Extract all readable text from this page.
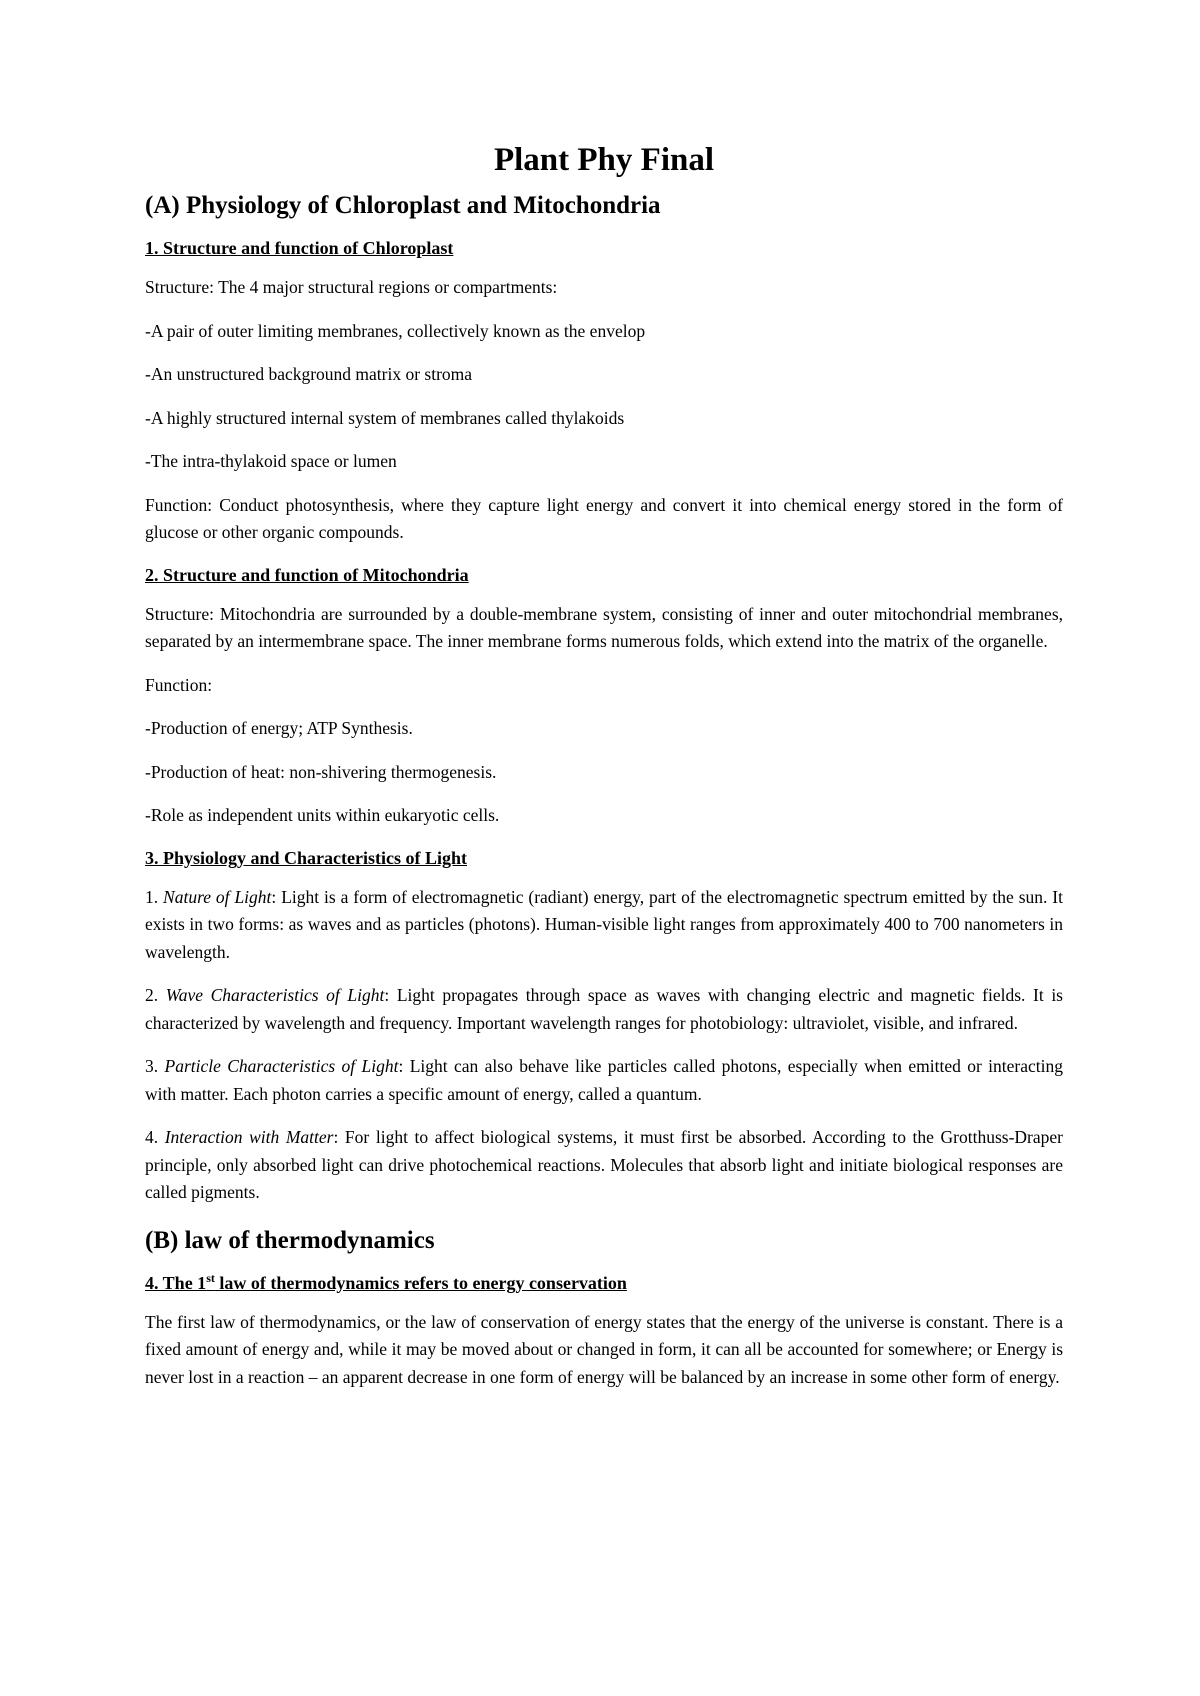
Plant Phy Final
(A) Physiology of Chloroplast and Mitochondria
1. Structure and function of Chloroplast

Structure: The 4 major structural regions or compartments:

-A pair of outer limiting membranes, collectively known as the envelop

-An unstructured background matrix or stroma

-A highly structured internal system of membranes called thylakoids

-The intra-thylakoid space or lumen

Function: Conduct photosynthesis, where they capture light energy and convert it into chemical energy stored in the form of glucose or other organic compounds.

2. Structure and function of Mitochondria

Structure: Mitochondria are surrounded by a double-membrane system, consisting of inner and outer mitochondrial membranes, separated by an intermembrane space. The inner membrane forms numerous folds, which extend into the matrix of the organelle.

Function:

-Production of energy; ATP Synthesis.

-Production of heat: non-shivering thermogenesis.

-Role as independent units within eukaryotic cells.

3. Physiology and Characteristics of Light

1. Nature of Light: Light is a form of electromagnetic (radiant) energy, part of the electromagnetic spectrum emitted by the sun. It exists in two forms: as waves and as particles (photons). Human-visible light ranges from approximately 400 to 700 nanometers in wavelength.

2. Wave Characteristics of Light: Light propagates through space as waves with changing electric and magnetic fields. It is characterized by wavelength and frequency. Important wavelength ranges for photobiology: ultraviolet, visible, and infrared.

3. Particle Characteristics of Light: Light can also behave like particles called photons, especially when emitted or interacting with matter. Each photon carries a specific amount of energy, called a quantum.

4. Interaction with Matter: For light to affect biological systems, it must first be absorbed. According to the Grotthuss-Draper principle, only absorbed light can drive photochemical reactions. Molecules that absorb light and initiate biological responses are called pigments.

(B) law of thermodynamics
4. The 1st law of thermodynamics refers to energy conservation

The first law of thermodynamics, or the law of conservation of energy states that the energy of the universe is constant. There is a fixed amount of energy and, while it may be moved about or changed in form, it can all be accounted for somewhere; or Energy is never lost in a reaction – an apparent decrease in one form of energy will be balanced by an increase in some other form of energy.
